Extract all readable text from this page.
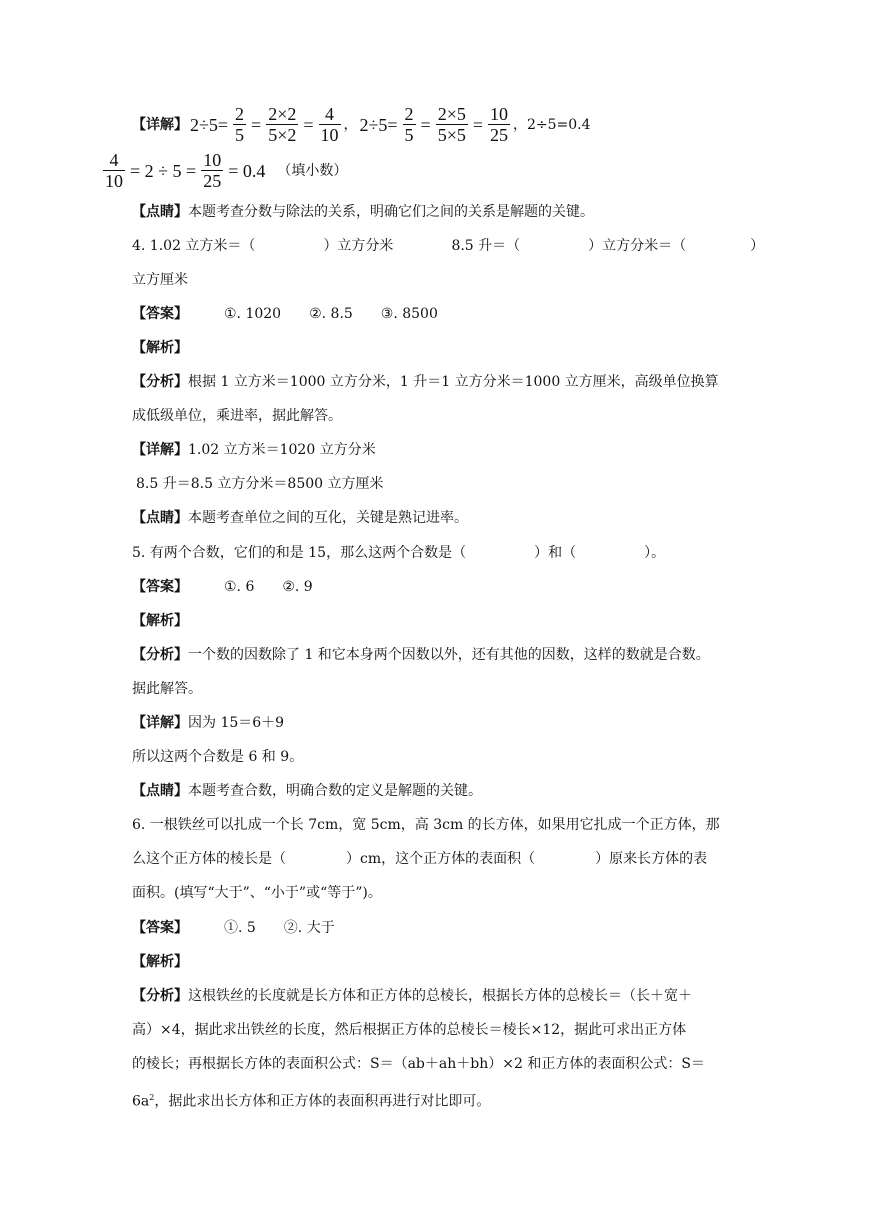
【详解】 $2\div 5= \frac{2}{5} = \frac{2\times 2}{5\times 2} = \frac{4}{10}$ ， $2\div 5= \frac{2}{5} = \frac{2\times 5}{5\times 5} = \frac{10}{25}$ ，2÷5=0.4
$\frac{4}{10} = 2 \div 5 = \frac{10}{25} = 0.4$ （填小数）
【点睛】本题考查分数与除法的关系，明确它们之间的关系是解题的关键。
4. 1.02 立方米＝（	）立方分米	8.5 升＝（	）立方分米＝（	）
立方厘米
【答案】	①. 1020　　②. 8.5　　③. 8500
【解析】
【分析】根据 1 立方米＝1000 立方分米，1 升＝1 立方分米＝1000 立方厘米，高级单位换算
成低级单位，乘进率，据此解答。
【详解】1.02 立方米＝1020 立方分米
8.5 升＝8.5 立方分米＝8500 立方厘米
【点睛】本题考查单位之间的互化，关键是熟记进率。
5. 有两个合数，它们的和是 15，那么这两个合数是（	）和（	）。
【答案】	①. 6　　②. 9
【解析】
【分析】一个数的因数除了 1 和它本身两个因数以外，还有其他的因数，这样的数就是合数。
据此解答。
【详解】因为 15＝6＋9
所以这两个合数是 6 和 9。
【点睛】本题考查合数，明确合数的定义是解题的关键。
6. 一根铁丝可以扎成一个长 7cm，宽 5cm，高 3cm 的长方体，如果用它扎成一个正方体，那
么这个正方体的棱长是（	）cm，这个正方体的表面积（	）原来长方体的表
面积。(填写“大于”、“小于”或“等于”)。
【答案】	①. 5　　②. 大于
【解析】
【分析】这根铁丝的长度就是长方体和正方体的总棱长，根据长方体的总棱长＝（长＋宽＋
高）×4，据此求出铁丝的长度，然后根据正方体的总棱长＝棱长×12，据此可求出正方体
的棱长；再根据长方体的表面积公式：S＝（ab＋ah＋bh）×2 和正方体的表面积公式：S＝
$6a^2$，据此求出长方体和正方体的表面积再进行对比即可。
